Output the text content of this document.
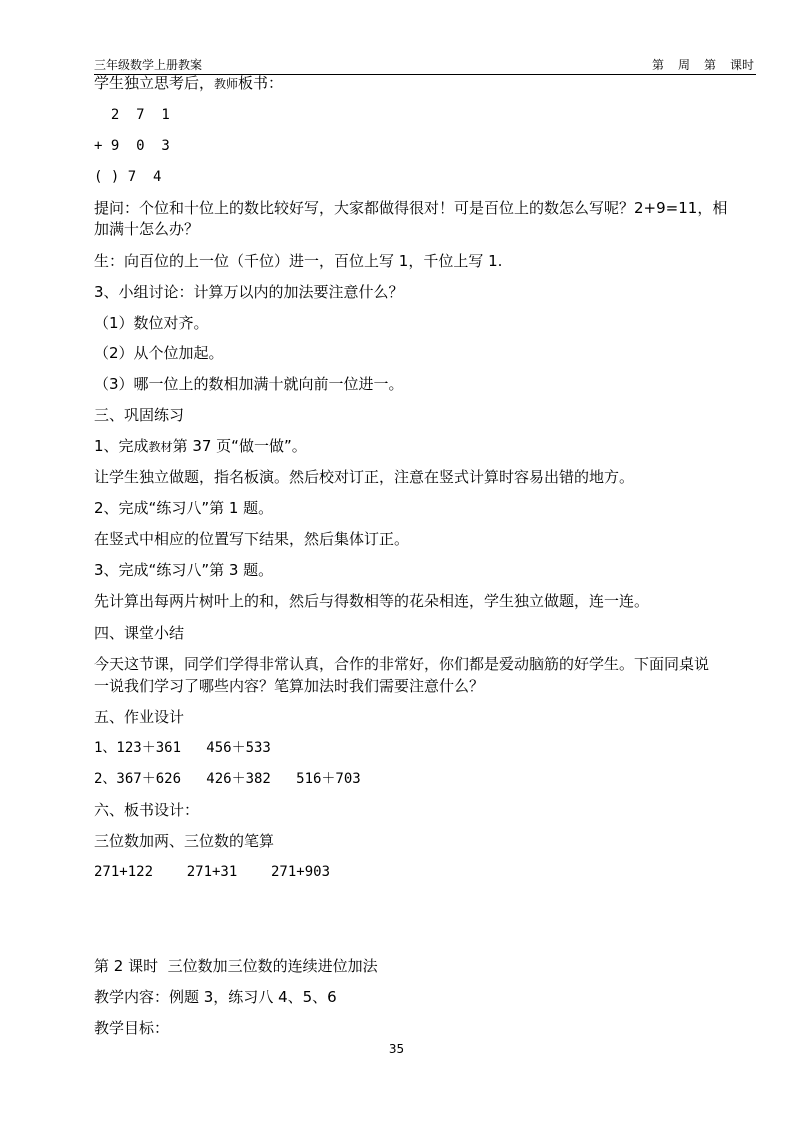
三年级数学上册教案	第 周 第 课时
学生独立思考后，教师板书：
2  7  1
+ 9  0  3
( ) 7  4
提问：个位和十位上的数比较好写，大家都做得很对！可是百位上的数怎么写呢？2+9=11，相
加满十怎么办？
生：向百位的上一位（千位）进一，百位上写 1，千位上写 1.
3、小组讨论：计算万以内的加法要注意什么？
（1）数位对齐。
（2）从个位加起。
（3）哪一位上的数相加满十就向前一位进一。
三、巩固练习
1、完成教材第 37 页“做一做”。
让学生独立做题，指名板演。然后校对订正，注意在竖式计算时容易出错的地方。
2、完成“练习八”第 1 题。
在竖式中相应的位置写下结果，然后集体订正。
3、完成“练习八”第 3 题。
先计算出每两片树叶上的和，然后与得数相等的花朵相连，学生独立做题，连一连。
四、课堂小结
今天这节课，同学们学得非常认真，合作的非常好，你们都是爱动脑筋的好学生。下面同桌说
一说我们学习了哪些内容？笔算加法时我们需要注意什么？
五、作业设计
1、123＋361   456＋533
2、367＋626   426＋382   516＋703
六、板书设计：
三位数加两、三位数的笔算
271+122    271+31    271+903
第 2 课时  三位数加三位数的连续进位加法
教学内容：例题 3，练习八 4、5、6
教学目标：
35
